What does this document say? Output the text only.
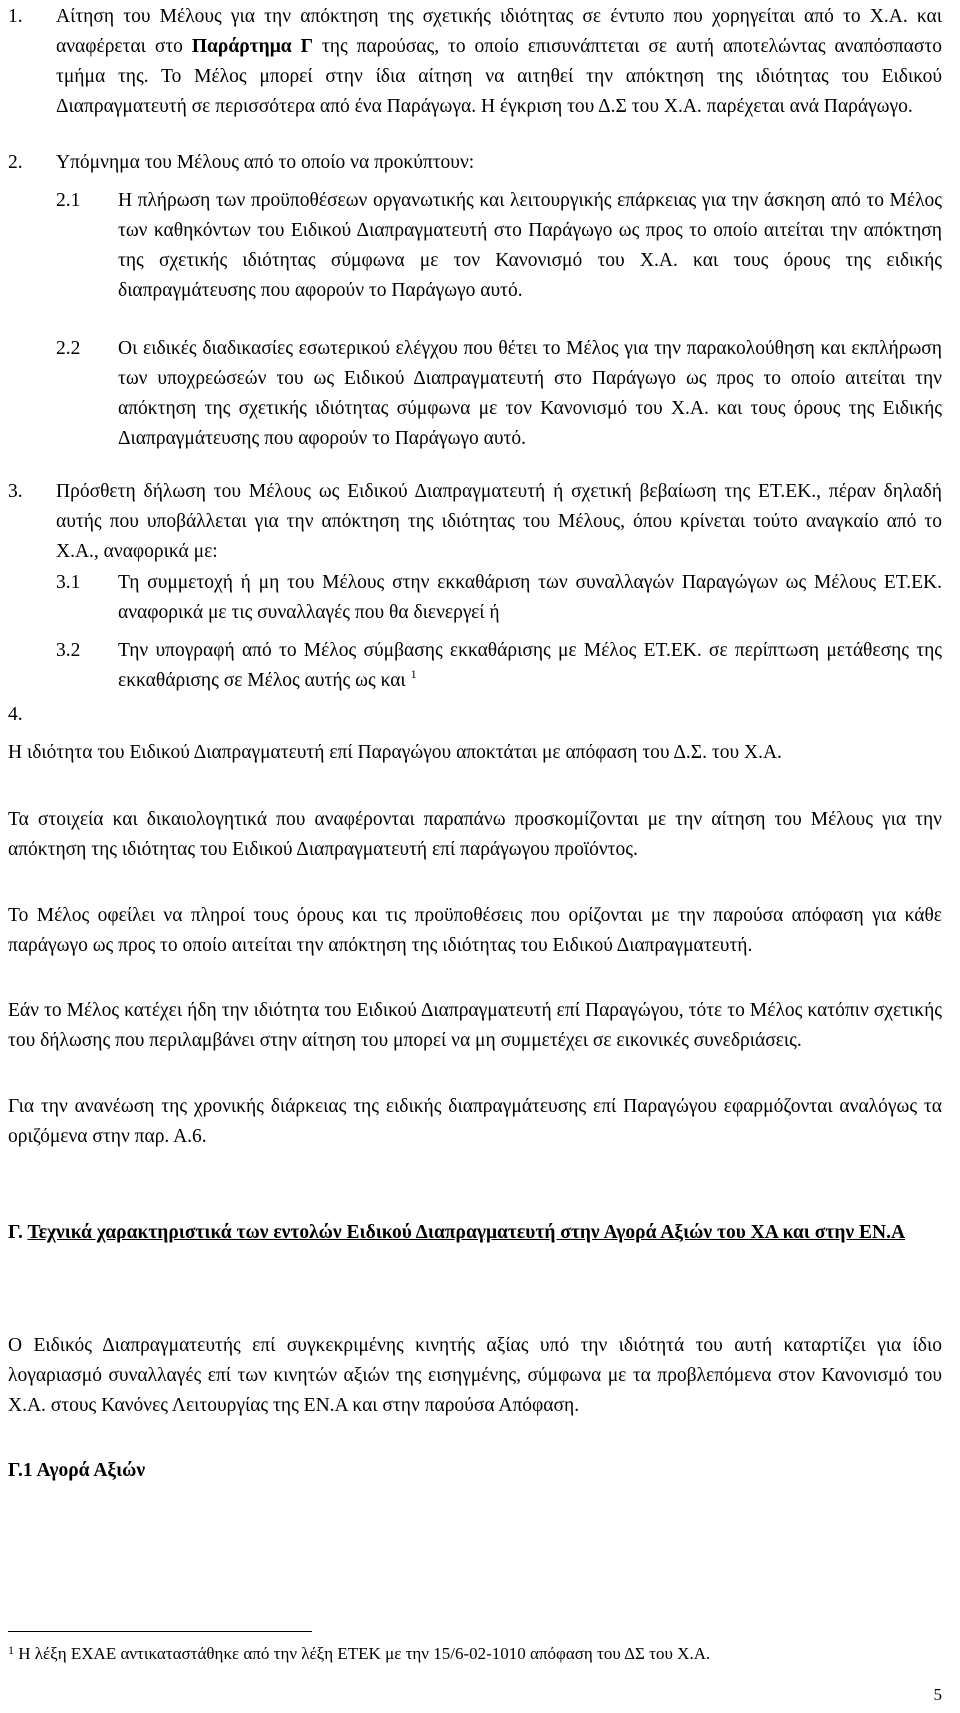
1. Αίτηση του Μέλους για την απόκτηση της σχετικής ιδιότητας σε έντυπο που χορηγείται από το Χ.Α. και αναφέρεται στο Παράρτημα Γ της παρούσας, το οποίο επισυνάπτεται σε αυτή αποτελώντας αναπόσπαστο τμήμα της. Το Μέλος μπορεί στην ίδια αίτηση να αιτηθεί την απόκτηση της ιδιότητας του Ειδικού Διαπραγματευτή σε περισσότερα από ένα Παράγωγα. Η έγκριση του Δ.Σ του Χ.Α. παρέχεται ανά Παράγωγο.

2. Υπόμνημα του Μέλους από το οποίο να προκύπτουν:

2.1 Η πλήρωση των προϋποθέσεων οργανωτικής και λειτουργικής επάρκειας για την άσκηση από το Μέλος των καθηκόντων του Ειδικού Διαπραγματευτή στο Παράγωγο ως προς το οποίο αιτείται την απόκτηση της σχετικής ιδιότητας σύμφωνα με τον Κανονισμό του Χ.Α. και τους όρους της ειδικής διαπραγμάτευσης που αφορούν το Παράγωγο αυτό.

2.2 Οι ειδικές διαδικασίες εσωτερικού ελέγχου που θέτει το Μέλος για την παρακολούθηση και εκπλήρωση των υποχρεώσεών του ως Ειδικού Διαπραγματευτή στο Παράγωγο ως προς το οποίο αιτείται την απόκτηση της σχετικής ιδιότητας σύμφωνα με τον Κανονισμό του Χ.Α. και τους όρους της Ειδικής Διαπραγμάτευσης που αφορούν το Παράγωγο αυτό.

3. Πρόσθετη δήλωση του Μέλους ως Ειδικού Διαπραγματευτή ή σχετική βεβαίωση της ΕΤ.ΕΚ., πέραν δηλαδή αυτής που υποβάλλεται για την απόκτηση της ιδιότητας του Μέλους, όπου κρίνεται τούτο αναγκαίο από το Χ.Α., αναφορικά με:

3.1 Τη συμμετοχή ή μη του Μέλους στην εκκαθάριση των συναλλαγών Παραγώγων ως Μέλους ΕΤ.ΕΚ. αναφορικά με τις συναλλαγές που θα διενεργεί ή

3.2 Την υπογραφή από το Μέλος σύμβασης εκκαθάρισης με Μέλος ΕΤ.ΕΚ. σε περίπτωση μετάθεσης της εκκαθάρισης σε Μέλος αυτής ως και $^1$

4.

Η ιδιότητα του Ειδικού Διαπραγματευτή επί Παραγώγου αποκτάται με απόφαση του Δ.Σ. του Χ.Α.

Τα στοιχεία και δικαιολογητικά που αναφέρονται παραπάνω προσκομίζονται με την αίτηση του Μέλους για την απόκτηση της ιδιότητας του Ειδικού Διαπραγματευτή επί παράγωγου προϊόντος.

Το Μέλος οφείλει να πληροί τους όρους και τις προϋποθέσεις που ορίζονται με την παρούσα απόφαση για κάθε παράγωγο ως προς το οποίο αιτείται την απόκτηση της ιδιότητας του Ειδικού Διαπραγματευτή.

Εάν το Μέλος κατέχει ήδη την ιδιότητα του Ειδικού Διαπραγματευτή επί Παραγώγου, τότε το Μέλος κατόπιν σχετικής του δήλωσης που περιλαμβάνει στην αίτηση του μπορεί να μη συμμετέχει σε εικονικές συνεδριάσεις.

Για την ανανέωση της χρονικής διάρκειας της ειδικής διαπραγμάτευσης επί Παραγώγου εφαρμόζονται αναλόγως τα οριζόμενα στην παρ. Α.6.

Γ. Τεχνικά χαρακτηριστικά των εντολών Ειδικού Διαπραγματευτή στην Αγορά Αξιών του ΧΑ και στην ΕΝ.Α

Ο Ειδικός Διαπραγματευτής επί συγκεκριμένης κινητής αξίας υπό την ιδιότητά του αυτή καταρτίζει για ίδιο λογαριασμό συναλλαγές επί των κινητών αξιών της εισηγμένης, σύμφωνα με τα προβλεπόμενα στον Κανονισμό του Χ.Α. στους Κανόνες Λειτουργίας της ΕΝ.Α και στην παρούσα Απόφαση.

Γ.1 Αγορά Αξιών

$^1$ Η λέξη ΕΧΑΕ αντικαταστάθηκε από την λέξη ΕΤΕΚ με την 15/6-02-1010 απόφαση του ΔΣ του Χ.Α.

5
